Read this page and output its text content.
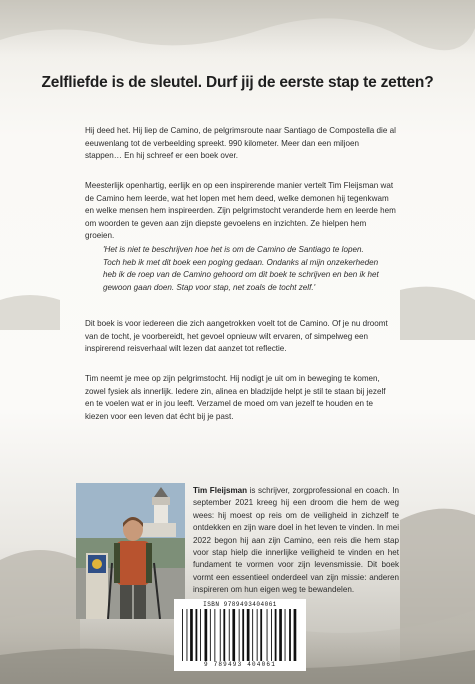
Zelfliefde is de sleutel. Durf jij de eerste stap te zetten?

Hij deed het. Hij liep de Camino, de pelgrimsroute naar Santiago de Compostella die al eeuwenlang tot de verbeelding spreekt. 990 kilometer. Meer dan een miljoen stappen… En hij schreef er een boek over.

Meesterlijk openhartig, eerlijk en op een inspirerende manier vertelt Tim Fleijsman wat de Camino hem leerde, wat het lopen met hem deed, welke demonen hij tegenkwam en welke mensen hem inspireerden. Zijn pelgrimstocht veranderde hem en leerde hem om woorden te geven aan zijn diepste gevoelens en inzichten. Ze hielpen hem groeien.

'Het is niet te beschrijven hoe het is om de Camino de Santiago te lopen. Toch heb ik met dit boek een poging gedaan. Ondanks al mijn onzekerheden heb ik de roep van de Camino gehoord om dit boek te schrijven en ben ik het gewoon gaan doen. Stap voor stap, net zoals de tocht zelf.'

Dit boek is voor iedereen die zich aangetrokken voelt tot de Camino. Of je nu droomt van de tocht, je voorbereidt, het gevoel opnieuw wilt ervaren, of simpelweg een inspirerend reisverhaal wilt lezen dat aanzet tot reflectie.

Tim neemt je mee op zijn pelgrimstocht. Hij nodigt je uit om in beweging te komen, zowel fysiek als innerlijk. Iedere zin, alinea en bladzijde helpt je stil te staan bij jezelf en te voelen wat er in jou leeft. Verzamel de moed om van jezelf te houden en te kiezen voor een leven dat écht bij je past.

Tim Fleijsman is schrijver, zorgprofessional en coach. In september 2021 kreeg hij een droom die hem de weg wees: hij moest op reis om de veiligheid in zichzelf te ontdekken en zijn ware doel in het leven te vinden. In mei 2022 begon hij aan zijn Camino, een reis die hem stap voor stap hielp die innerlijke veiligheid te vinden en het fundament te vormen voor zijn levensmissie. Dit boek vormt een essentieel onderdeel van zijn missie: anderen inspireren om hun eigen weg te bewandelen.

ISBN 9789493404061
9 789493 404061
